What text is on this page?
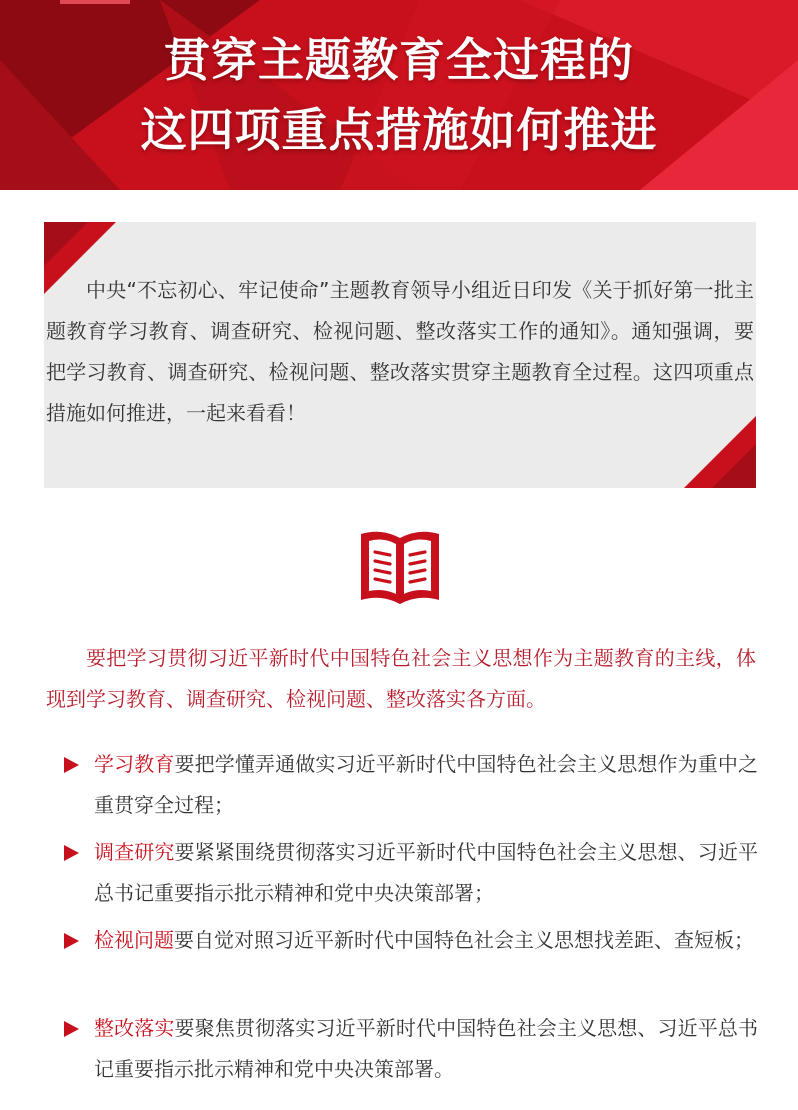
贯穿主题教育全过程的
这四项重点措施如何推进
中央“不忘初心、牢记使命”主题教育领导小组近日印发《关于抓好第一批主题教育学习教育、调查研究、检视问题、整改落实工作的通知》。通知强调，要把学习教育、调查研究、检视问题、整改落实贯穿主题教育全过程。这四项重点措施如何推进，一起来看看！
要把学习贯彻习近平新时代中国特色社会主义思想作为主题教育的主线，体现到学习教育、调查研究、检视问题、整改落实各方面。
学习教育要把学懂弄通做实习近平新时代中国特色社会主义思想作为重中之重贯穿全过程；
调查研究要紧紧围绕贯彻落实习近平新时代中国特色社会主义思想、习近平总书记重要指示批示精神和党中央决策部署；
检视问题要自觉对照习近平新时代中国特色社会主义思想找差距、查短板；
整改落实要聚焦贯彻落实习近平新时代中国特色社会主义思想、习近平总书记重要指示批示精神和党中央决策部署。
